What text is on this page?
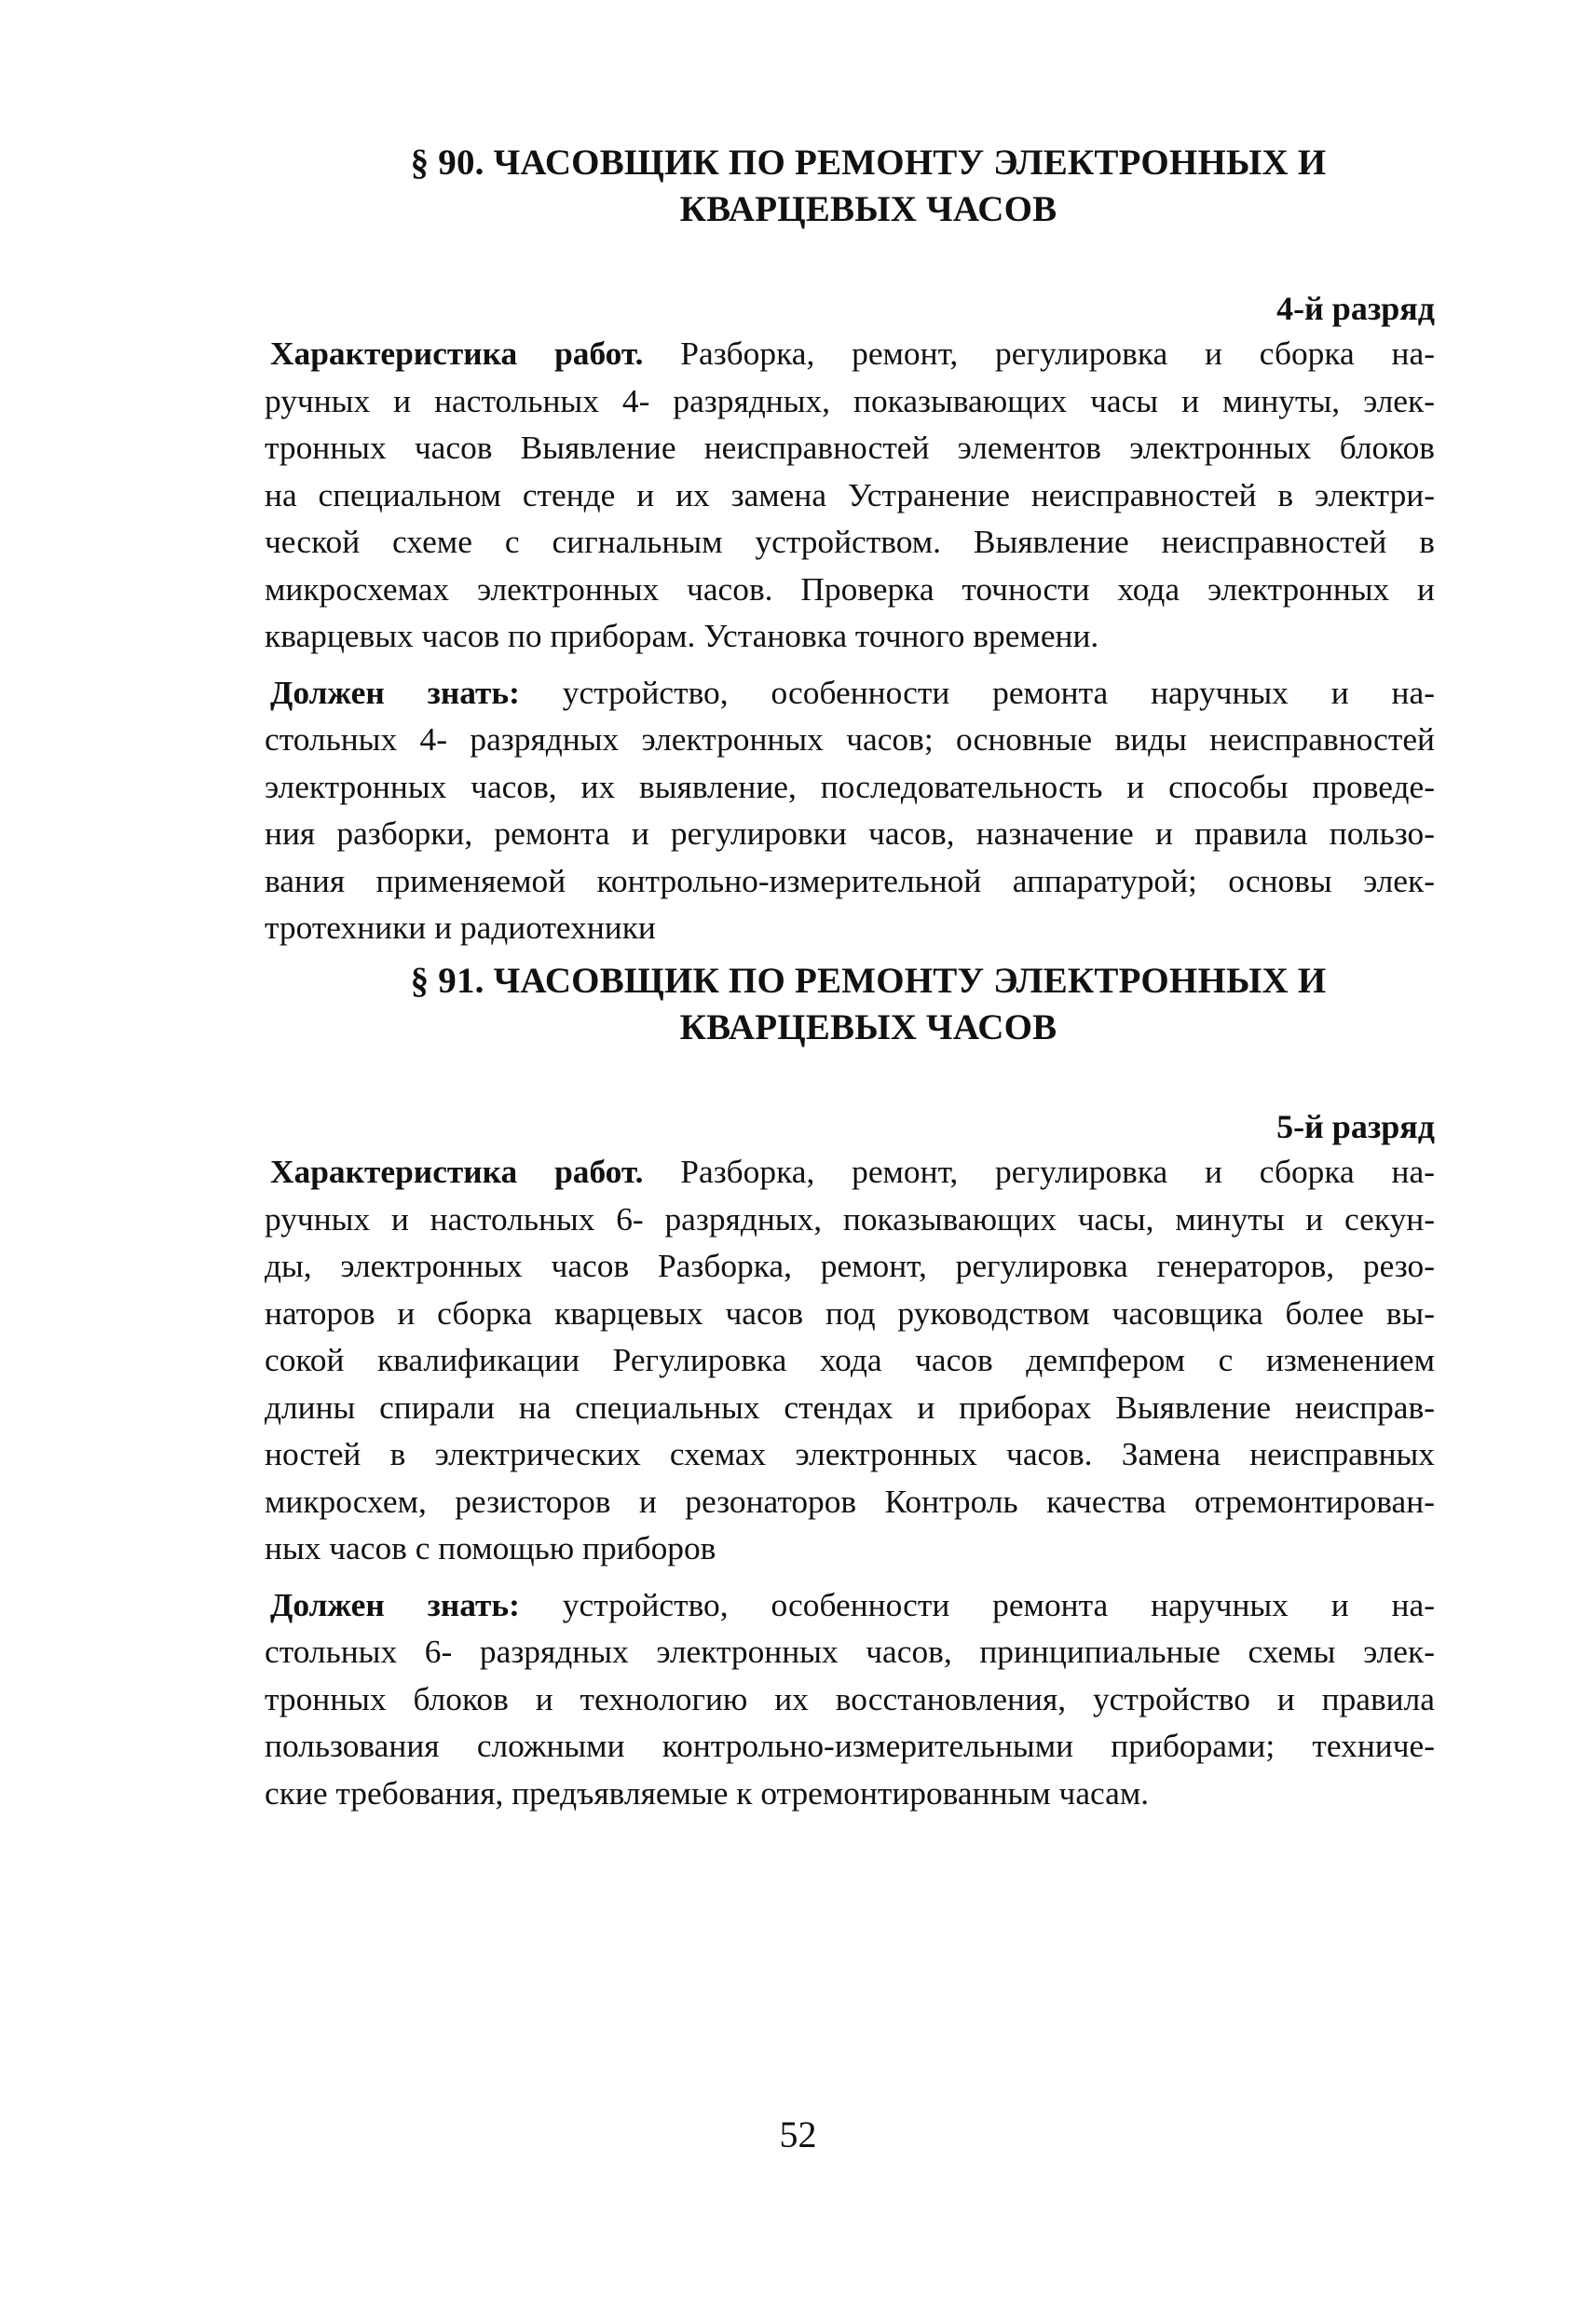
§ 90. ЧАСОВЩИК ПО РЕМОНТУ ЭЛЕКТРОННЫХ И
КВАРЦЕВЫХ ЧАСОВ

4-й разряд

Характеристика работ. Разборка, ремонт, регулировка и сборка на-
ручных и настольных 4- разрядных, показывающих часы и минуты, элек-
тронных часов Выявление неисправностей элементов электронных блоков
на специальном стенде и их замена Устранение неисправностей в электри-
ческой схеме с сигнальным устройством. Выявление неисправностей в
микросхемах электронных часов. Проверка точности хода электронных и
кварцевых часов по приборам. Установка точного времени.
Должен знать: устройство, особенности ремонта наручных и на-
стольных 4- разрядных электронных часов; основные виды неисправностей
электронных часов, их выявление, последовательность и способы проведе-
ния разборки, ремонта и регулировки часов, назначение и правила пользо-
вания применяемой контрольно-измерительной аппаратурой; основы элек-
тротехники и радиотехники
§ 91. ЧАСОВЩИК ПО РЕМОНТУ ЭЛЕКТРОННЫХ И
КВАРЦЕВЫХ ЧАСОВ

5-й разряд

Характеристика работ. Разборка, ремонт, регулировка и сборка на-
ручных и настольных 6- разрядных, показывающих часы, минуты и секун-
ды, электронных часов Разборка, ремонт, регулировка генераторов, резо-
наторов и сборка кварцевых часов под руководством часовщика более вы-
сокой квалификации Регулировка хода часов демпфером с изменением
длины спирали на специальных стендах и приборах Выявление неисправ-
ностей в электрических схемах электронных часов. Замена неисправных
микросхем, резисторов и резонаторов Контроль качества отремонтирован-
ных часов с помощью приборов
Должен знать: устройство, особенности ремонта наручных и на-
стольных 6- разрядных электронных часов, принципиальные схемы элек-
тронных блоков и технологию их восстановления, устройство и правила
пользования сложными контрольно-измерительными приборами; техниче-
ские требования, предъявляемые к отремонтированным часам.
52
